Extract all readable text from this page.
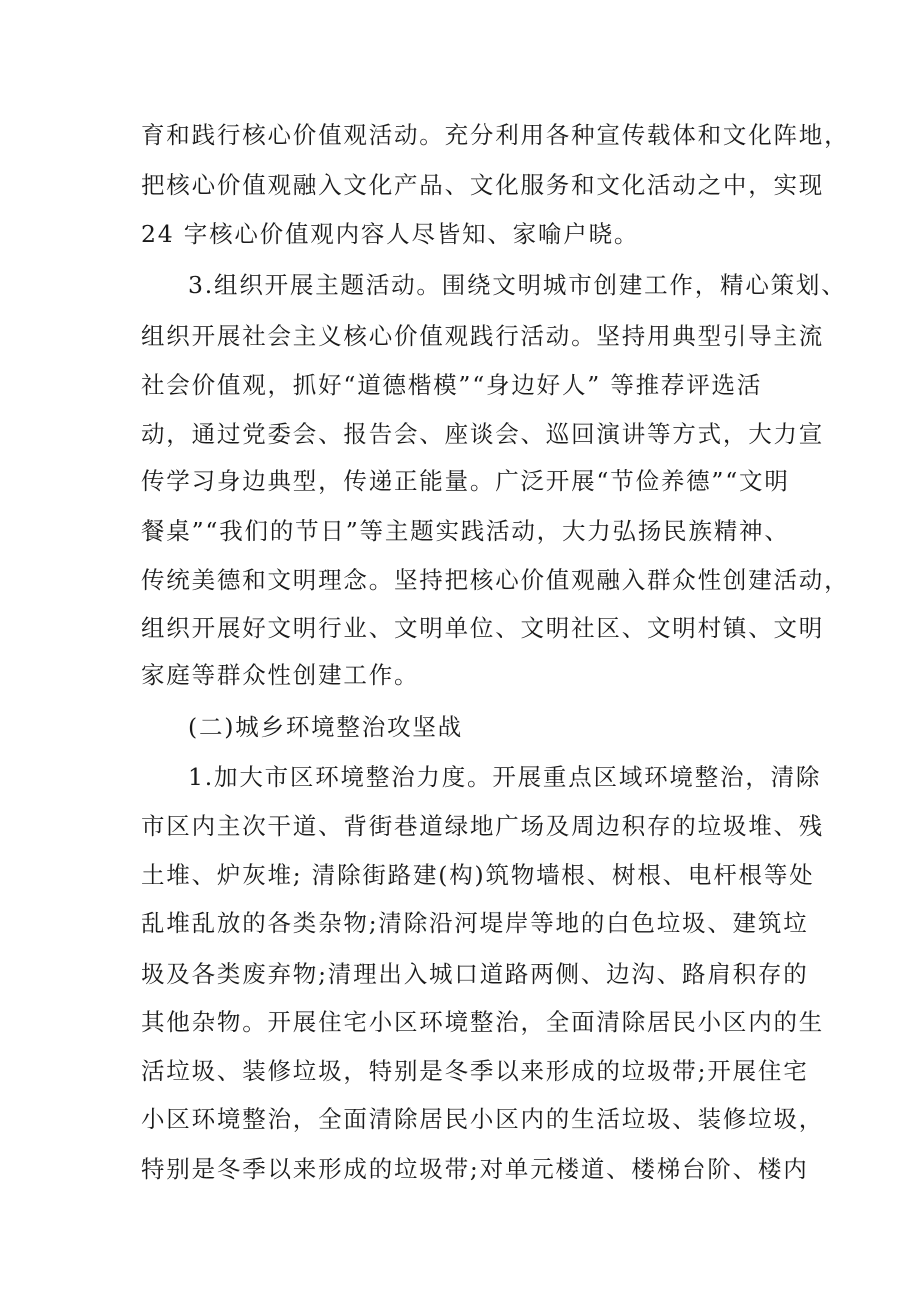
育和践行核心价值观活动。充分利用各种宣传载体和文化阵地，
把核心价值观融入文化产品、文化服务和文化活动之中，实现
24 字核心价值观内容人尽皆知、家喻户晓。
3.组织开展主题活动。围绕文明城市创建工作，精心策划、
组织开展社会主义核心价值观践行活动。坚持用典型引导主流
社会价值观，抓好“道德楷模”“身边好人” 等推荐评选活
动，通过党委会、报告会、座谈会、巡回演讲等方式，大力宣
传学习身边典型，传递正能量。广泛开展“节俭养德”“文明
餐桌”“我们的节日”等主题实践活动，大力弘扬民族精神、
传统美德和文明理念。坚持把核心价值观融入群众性创建活动，
组织开展好文明行业、文明单位、文明社区、文明村镇、文明
家庭等群众性创建工作。
(二)城乡环境整治攻坚战
1.加大市区环境整治力度。开展重点区域环境整治，清除
市区内主次干道、背街巷道绿地广场及周边积存的垃圾堆、残
土堆、炉灰堆; 清除街路建(构)筑物墙根、树根、电杆根等处
乱堆乱放的各类杂物;清除沿河堤岸等地的白色垃圾、建筑垃
圾及各类废弃物;清理出入城口道路两侧、边沟、路肩积存的
其他杂物。开展住宅小区环境整治，全面清除居民小区内的生
活垃圾、装修垃圾，特别是冬季以来形成的垃圾带;开展住宅
小区环境整治，全面清除居民小区内的生活垃圾、装修垃圾，
特别是冬季以来形成的垃圾带;对单元楼道、楼梯台阶、楼内
